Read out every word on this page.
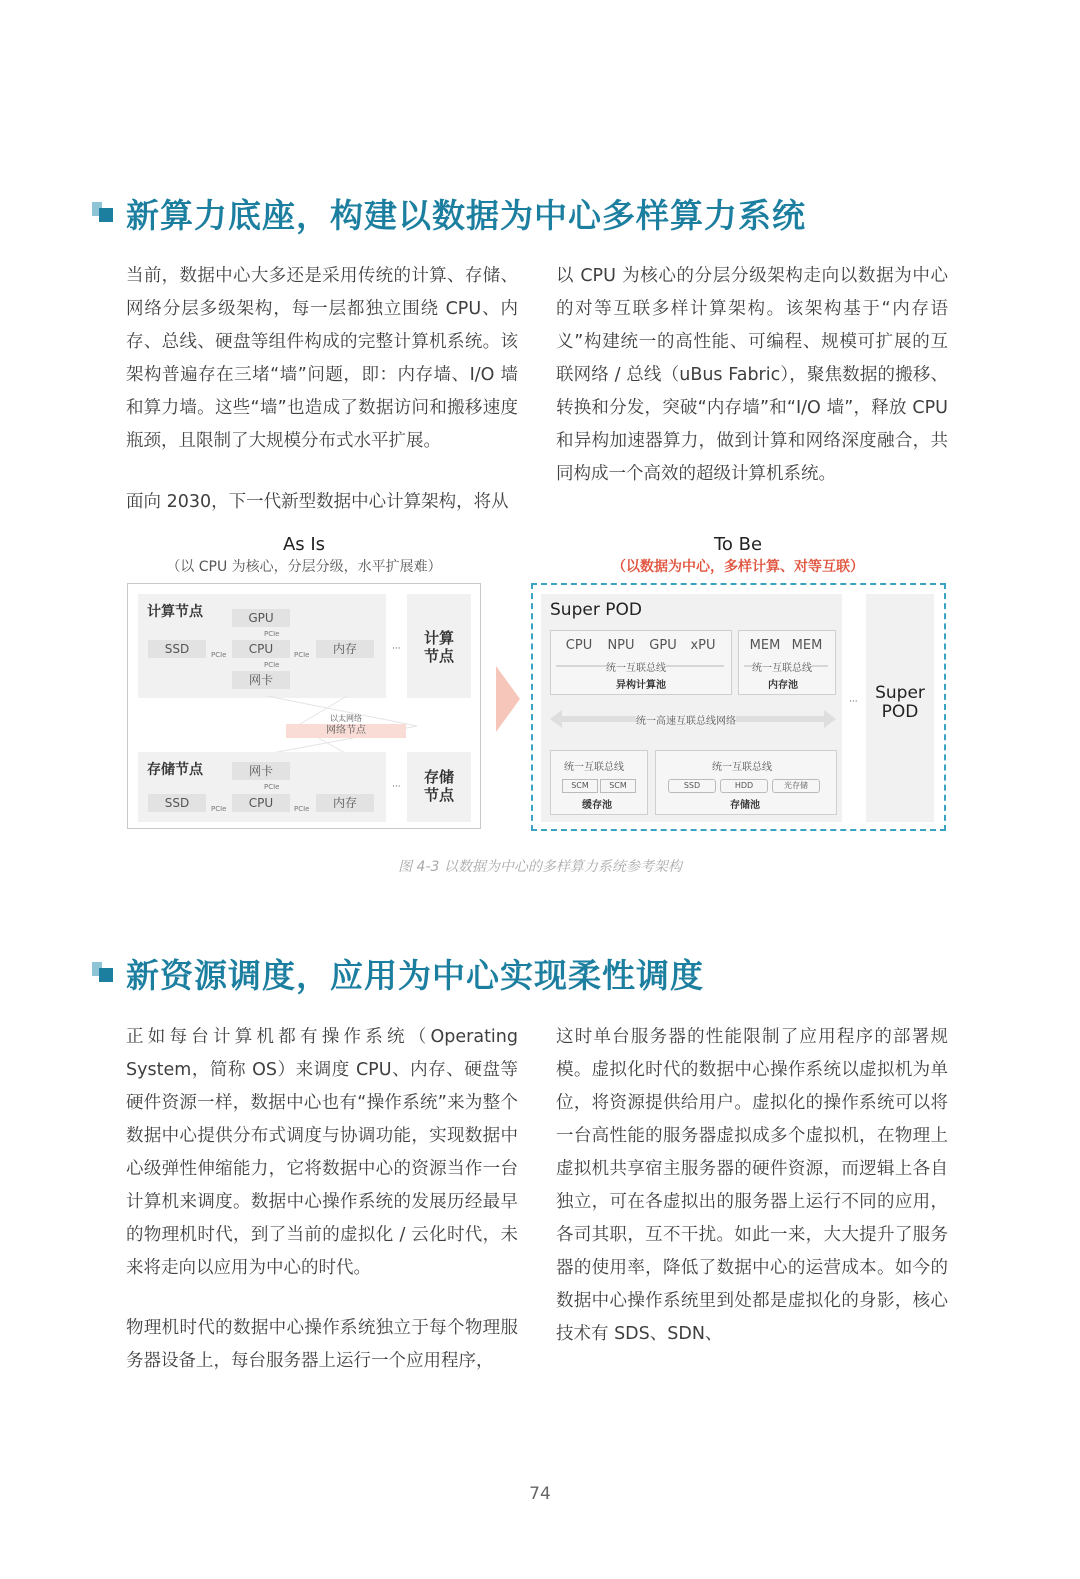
新算力底座，构建以数据为中心多样算力系统
当前，数据中心大多还是采用传统的计算、存储、网络分层多级架构，每一层都独立围绕 CPU、内存、总线、硬盘等组件构成的完整计算机系统。该架构普遍存在三堵“墙”问题，即：内存墙、I/O 墙和算力墙。这些“墙”也造成了数据访问和搬移速度瓶颈，且限制了大规模分布式水平扩展。
面向 2030，下一代新型数据中心计算架构，将从
以 CPU 为核心的分层分级架构走向以数据为中心的对等互联多样计算架构。该架构基于“内存语义”构建统一的高性能、可编程、规模可扩展的互联网络 / 总线（uBus Fabric），聚焦数据的搬移、转换和分发，突破“内存墙”和“I/O 墙”，释放 CPU 和异构加速器算力，做到计算和网络深度融合，共同构成一个高效的超级计算机系统。
As Is
（以 CPU 为核心，分层分级，水平扩展难）
计算节点	GPU
PCIe
SSD	PCIe	CPU	PCIe	内存
PCIe
网卡
···
计算节点
以太网络
网络节点
存储节点	网卡
PCIe
SSD	PCIe	CPU	PCIe	内存
···
存储节点
To Be
（以数据为中心，多样计算、对等互联）
Super POD
CPU	NPU	GPU	xPU
统一互联总线
异构计算池
MEM MEM
统一互联总线
内存池
统一高速互联总线网络
···
统一互联总线
SCM	SCM
缓存池
统一互联总线
SSD	HDD	光存储
存储池
Super POD
图 4-3 以数据为中心的多样算力系统参考架构
新资源调度，应用为中心实现柔性调度
正如每台计算机都有操作系统（Operating System，简称 OS）来调度 CPU、内存、硬盘等硬件资源一样，数据中心也有“操作系统”来为整个数据中心提供分布式调度与协调功能，实现数据中心级弹性伸缩能力，它将数据中心的资源当作一台计算机来调度。数据中心操作系统的发展历经最早的物理机时代，到了当前的虚拟化 / 云化时代，未来将走向以应用为中心的时代。
物理机时代的数据中心操作系统独立于每个物理服务器设备上，每台服务器上运行一个应用程序，
这时单台服务器的性能限制了应用程序的部署规模。虚拟化时代的数据中心操作系统以虚拟机为单位，将资源提供给用户。虚拟化的操作系统可以将一台高性能的服务器虚拟成多个虚拟机，在物理上虚拟机共享宿主服务器的硬件资源，而逻辑上各自独立，可在各虚拟出的服务器上运行不同的应用，各司其职，互不干扰。如此一来，大大提升了服务器的使用率，降低了数据中心的运营成本。如今的数据中心操作系统里到处都是虚拟化的身影，核心技术有 SDS、SDN、
74
